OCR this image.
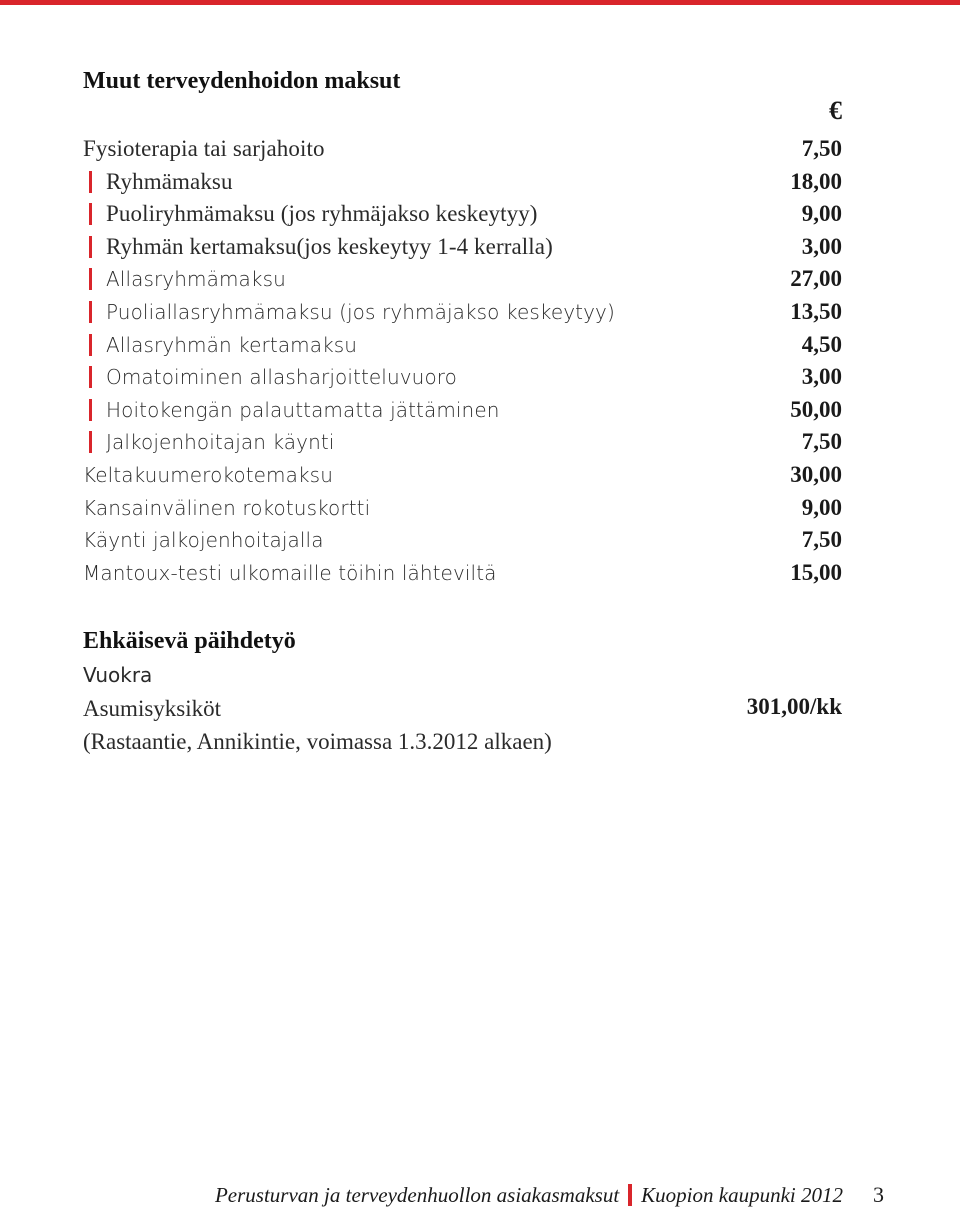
Muut terveydenhoidon maksut
€
Fysioterapia tai sarjahoito	7,50
Ryhmämaksu	18,00
Puoliryhmämaksu (jos ryhmäjakso keskeytyy)	9,00
Ryhmän kertamaksu(jos keskeytyy 1-4 kerralla)	3,00
Allasryhmämaksu	27,00
Puoliallasryhmämaksu (jos ryhmäjakso keskeytyy)	13,50
Allasryhmän kertamaksu	4,50
Omatoiminen allasharjoitteluvuoro	3,00
Hoitokengän palauttamatta jättäminen	50,00
Jalkojenhoitajan käynti	7,50
Keltakuumerokotemaksu	30,00
Kansainvälinen rokotuskortti	9,00
Käynti jalkojenhoitajalla	7,50
Mantoux-testi ulkomaille töihin lähteviltä	15,00
Ehkäisevä päihdetyö
Vuokra
Asumisyksiköt	301,00/kk
(Rastaantie, Annikintie, voimassa 1.3.2012 alkaen)
Perusturvan ja terveydenhuollon asiakasmaksut Kuopion kaupunki 2012 3
